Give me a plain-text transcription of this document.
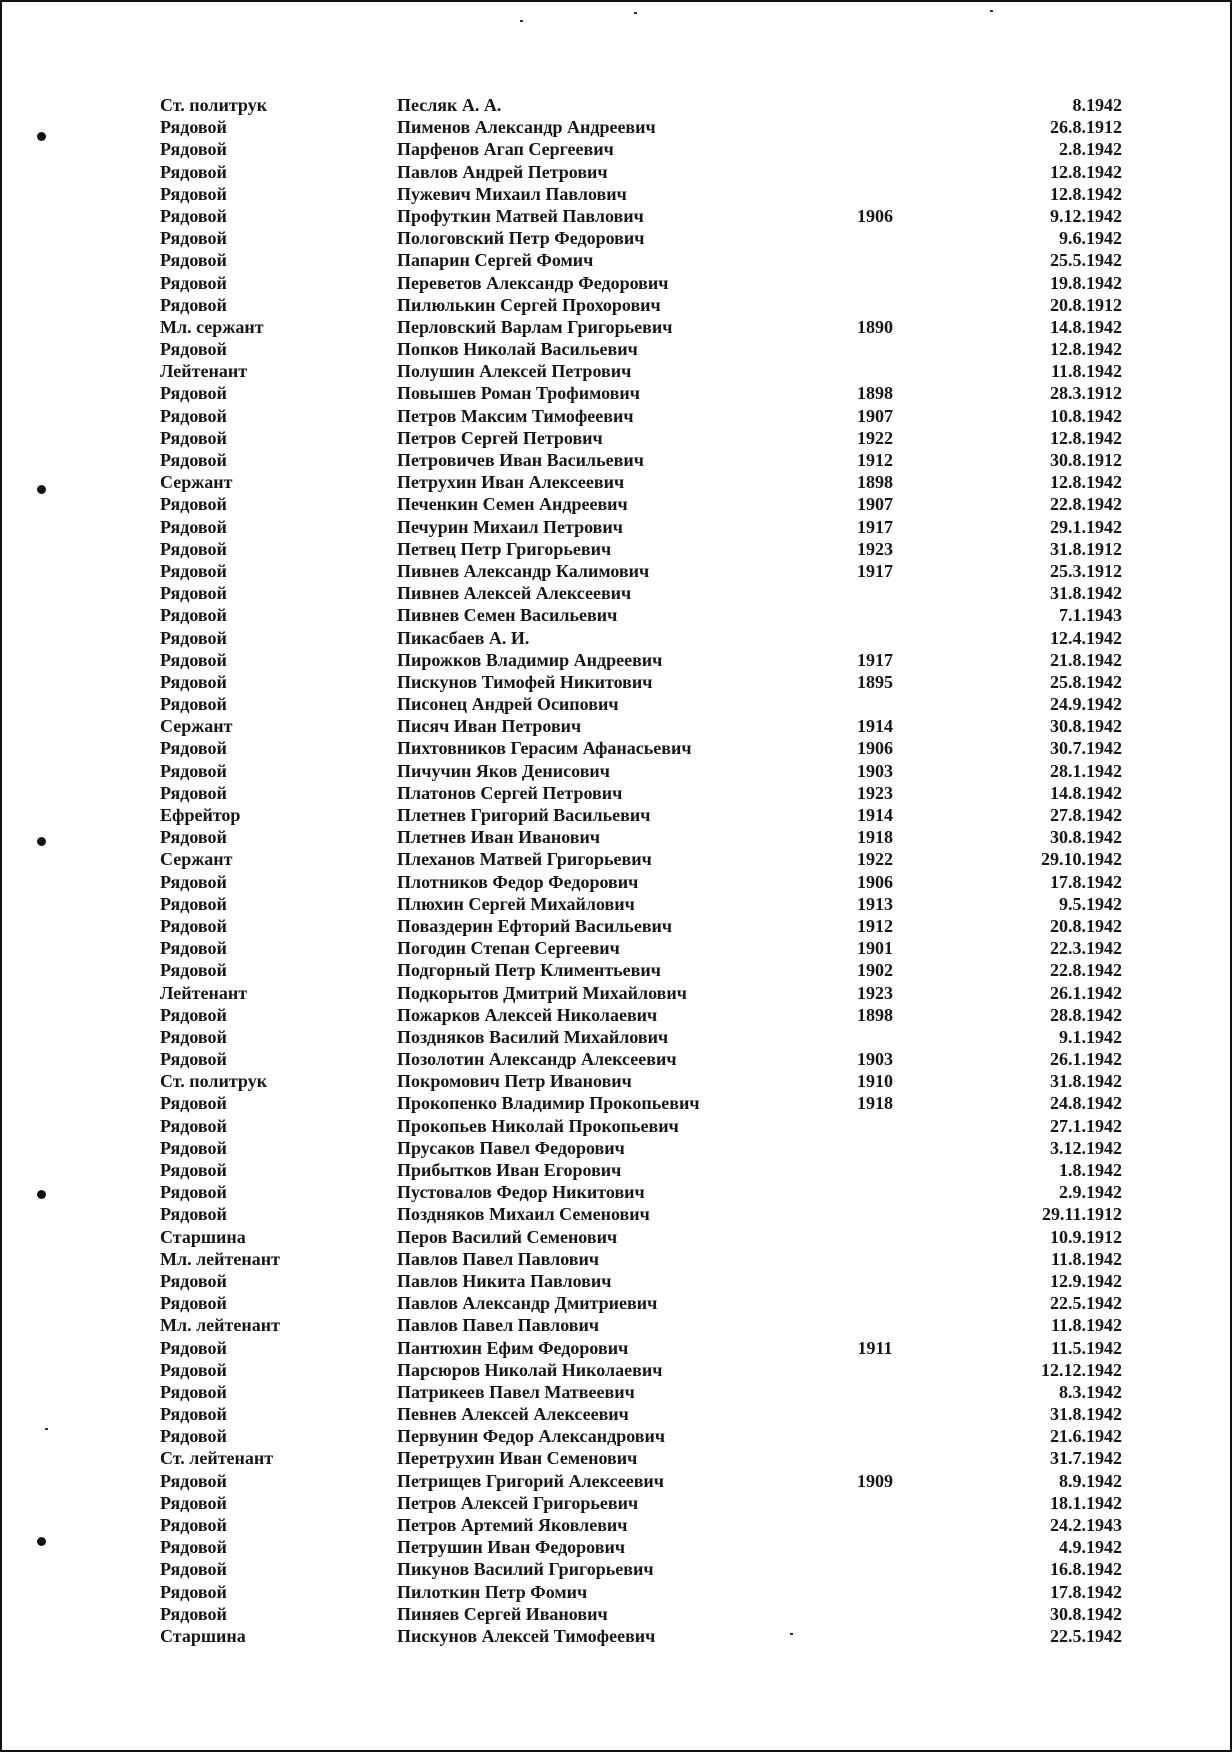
Ст. политрук	Песляк А. А.	8.1942
Рядовой	Пименов Александр Андреевич	26.8.1912
Рядовой	Парфенов Агап Сергеевич	2.8.1942
Рядовой	Павлов Андрей Петрович	12.8.1942
Рядовой	Пужевич Михаил Павлович	12.8.1942
Рядовой	Профуткин Матвей Павлович	1906	9.12.1942
Рядовой	Пологовский Петр Федорович	9.6.1942
Рядовой	Папарин Сергей Фомич	25.5.1942
Рядовой	Переветов Александр Федорович	19.8.1942
Рядовой	Пилюлькин Сергей Прохорович	20.8.1912
Мл. сержант	Перловский Варлам Григорьевич	1890	14.8.1942
Рядовой	Попков Николай Васильевич	12.8.1942
Лейтенант	Полушин Алексей Петрович	11.8.1942
Рядовой	Повышев Роман Трофимович	1898	28.3.1912
Рядовой	Петров Максим Тимофеевич	1907	10.8.1942
Рядовой	Петров Сергей Петрович	1922	12.8.1942
Рядовой	Петровичев Иван Васильевич	1912	30.8.1912
Сержант	Петрухин Иван Алексеевич	1898	12.8.1942
Рядовой	Печенкин Семен Андреевич	1907	22.8.1942
Рядовой	Печурин Михаил Петрович	1917	29.1.1942
Рядовой	Петвец Петр Григорьевич	1923	31.8.1912
Рядовой	Пивнев Александр Калимович	1917	25.3.1912
Рядовой	Пивнев Алексей Алексеевич	31.8.1942
Рядовой	Пивнев Семен Васильевич	7.1.1943
Рядовой	Пикасбаев А. И.	12.4.1942
Рядовой	Пирожков Владимир Андреевич	1917	21.8.1942
Рядовой	Пискунов Тимофей Никитович	1895	25.8.1942
Рядовой	Писонец Андрей Осипович	24.9.1942
Сержант	Писяч Иван Петрович	1914	30.8.1942
Рядовой	Пихтовников Герасим Афанасьевич	1906	30.7.1942
Рядовой	Пичучин Яков Денисович	1903	28.1.1942
Рядовой	Платонов Сергей Петрович	1923	14.8.1942
Ефрейтор	Плетнев Григорий Васильевич	1914	27.8.1942
Рядовой	Плетнев Иван Иванович	1918	30.8.1942
Сержант	Плеханов Матвей Григорьевич	1922	29.10.1942
Рядовой	Плотников Федор Федорович	1906	17.8.1942
Рядовой	Плюхин Сергей Михайлович	1913	9.5.1942
Рядовой	Поваздерин Ефторий Васильевич	1912	20.8.1942
Рядовой	Погодин Степан Сергеевич	1901	22.3.1942
Рядовой	Подгорный Петр Климентьевич	1902	22.8.1942
Лейтенант	Подкорытов Дмитрий Михайлович	1923	26.1.1942
Рядовой	Пожарков Алексей Николаевич	1898	28.8.1942
Рядовой	Поздняков Василий Михайлович	9.1.1942
Рядовой	Позолотин Александр Алексеевич	1903	26.1.1942
Ст. политрук	Покромович Петр Иванович	1910	31.8.1942
Рядовой	Прокопенко Владимир Прокопьевич	1918	24.8.1942
Рядовой	Прокопьев Николай Прокопьевич	27.1.1942
Рядовой	Прусаков Павел Федорович	3.12.1942
Рядовой	Прибытков Иван Егорович	1.8.1942
Рядовой	Пустовалов Федор Никитович	2.9.1942
Рядовой	Поздняков Михаил Семенович	29.11.1912
Старшина	Перов Василий Семенович	10.9.1912
Мл. лейтенант	Павлов Павел Павлович	11.8.1942
Рядовой	Павлов Никита Павлович	12.9.1942
Рядовой	Павлов Александр Дмитриевич	22.5.1942
Мл. лейтенант	Павлов Павел Павлович	11.8.1942
Рядовой	Пантюхин Ефим Федорович	1911	11.5.1942
Рядовой	Парсюров Николай Николаевич	12.12.1942
Рядовой	Патрикеев Павел Матвеевич	8.3.1942
Рядовой	Певнев Алексей Алексеевич	31.8.1942
Рядовой	Первунин Федор Александрович	21.6.1942
Ст. лейтенант	Перетрухин Иван Семенович	31.7.1942
Рядовой	Петрищев Григорий Алексеевич	1909	8.9.1942
Рядовой	Петров Алексей Григорьевич	18.1.1942
Рядовой	Петров Артемий Яковлевич	24.2.1943
Рядовой	Петрушин Иван Федорович	4.9.1942
Рядовой	Пикунов Василий Григорьевич	16.8.1942
Рядовой	Пилоткин Петр Фомич	17.8.1942
Рядовой	Пиняев Сергей Иванович	30.8.1942
Старшина	Пискунов Алексей Тимофеевич	22.5.1942
